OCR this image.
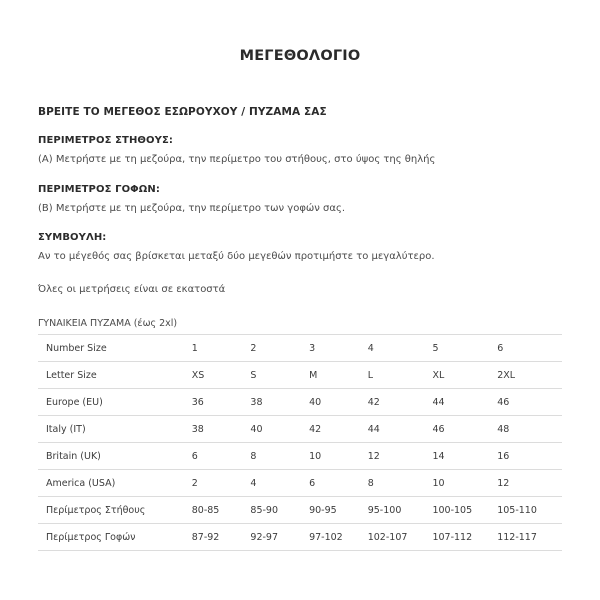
ΜΕΓΕΘΟΛΟΓΙΟ
ΒΡΕΙΤΕ ΤΟ ΜΕΓΕΘΟΣ ΕΣΩΡΟΥΧΟΥ / ΠΥΖΑΜΑ ΣΑΣ
ΠΕΡΙΜΕΤΡΟΣ ΣΤΗΘΟΥΣ:
(Α) Μετρήστε με τη μεζούρα, την περίμετρο του στήθους, στο ύψος της θηλής
ΠΕΡΙΜΕΤΡΟΣ ΓΟΦΩΝ:
(Β) Μετρήστε με τη μεζούρα, την περίμετρο των γοφών σας.
ΣΥΜΒΟΥΛΗ:
Αν το μέγεθός σας βρίσκεται μεταξύ δύο μεγεθών προτιμήστε το μεγαλύτερο.
Όλες οι μετρήσεις είναι σε εκατοστά
ΓΥΝΑΙΚΕΙΑ ΠΥΖΑΜΑ (έως 2xl)
Number Size	1	2	3	4	5	6
Letter Size	XS	S	M	L	XL	2XL
Europe (EU)	36	38	40	42	44	46
Italy (IT)	38	40	42	44	46	48
Britain (UK)	6	8	10	12	14	16
America (USA)	2	4	6	8	10	12
Περίμετρος Στήθους	80-85	85-90	90-95	95-100	100-105	105-110
Περίμετρος Γοφών	87-92	92-97	97-102	102-107	107-112	112-117
